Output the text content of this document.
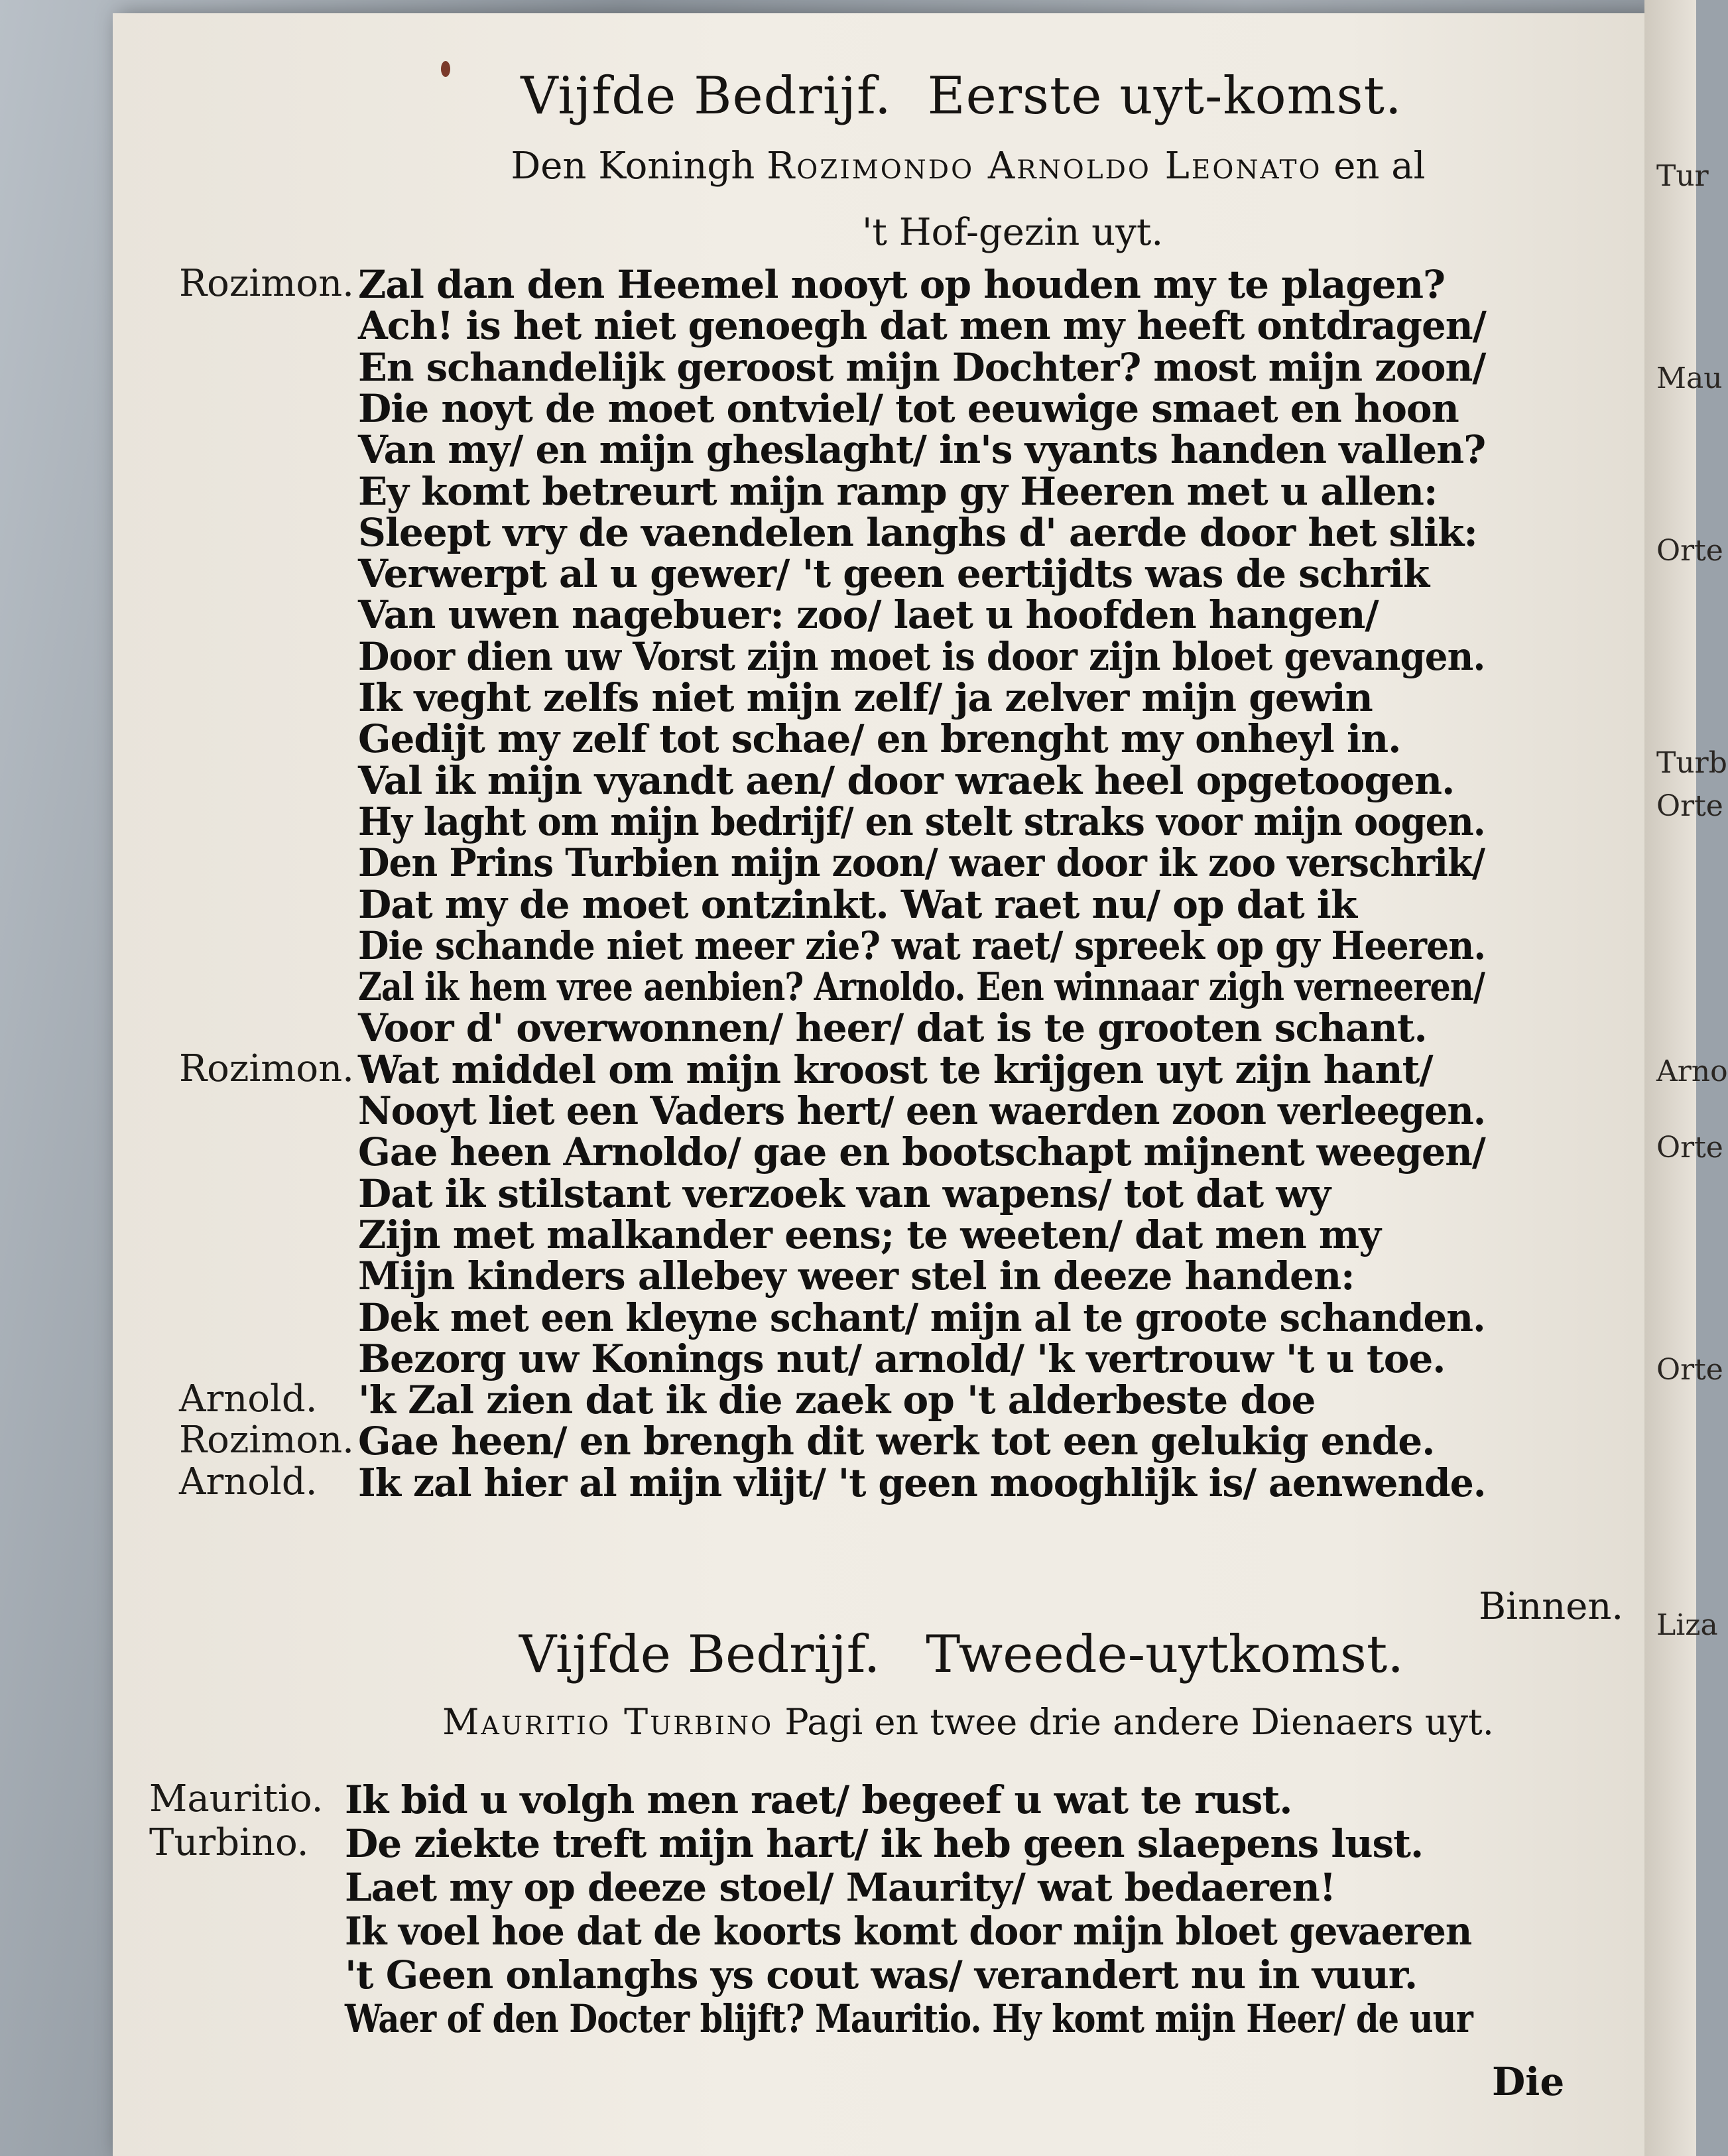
Tur
Mau
Orte
Turb
Orte
Arno
Orte
Orte
Liza
Vijfde Bedrijf. Eerste uyt-komst.
Den Koningh Rozimondo Arnoldo Leonato en al
't Hof-gezin uyt.
Rozimon. Zal dan den Heemel nooyt op houden my te plagen?
Ach! is het niet genoegh dat men my heeft ontdragen/
En schandelijk geroost mijn Dochter? most mijn zoon/
Die noyt de moet ontviel/ tot eeuwige smaet en hoon
Van my/ en mijn gheslaght/ in's vyants handen vallen?
Ey komt betreurt mijn ramp gy Heeren met u allen:
Sleept vry de vaendelen langhs d' aerde door het slik:
Verwerpt al u gewer/ 't geen eertijdts was de schrik
Van uwen nagebuer: zoo/ laet u hoofden hangen/
Door dien uw Vorst zijn moet is door zijn bloet gevangen.
Ik veght zelfs niet mijn zelf/ ja zelver mijn gewin
Gedijt my zelf tot schae/ en brenght my onheyl in.
Val ik mijn vyandt aen/ door wraek heel opgetoogen.
Hy laght om mijn bedrijf/ en stelt straks voor mijn oogen.
Den Prins Turbien mijn zoon/ waer door ik zoo verschrik/
Dat my de moet ontzinkt. Wat raet nu/ op dat ik
Die schande niet meer zie? wat raet/ spreek op gy Heeren.
Zal ik hem vree aenbien? Arnoldo. Een winnaar zigh verneeren/
Voor d' overwonnen/ heer/ dat is te grooten schant.
Rozimon. Wat middel om mijn kroost te krijgen uyt zijn hant/
Nooyt liet een Vaders hert/ een waerden zoon verleegen.
Gae heen Arnoldo/ gae en bootschapt mijnent weegen/
Dat ik stilstant verzoek van wapens/ tot dat wy
Zijn met malkander eens; te weeten/ dat men my
Mijn kinders allebey weer stel in deeze handen:
Dek met een kleyne schant/ mijn al te groote schanden.
Bezorg uw Konings nut/ arnold/ 'k vertrouw 't u toe.
Arnold. 'k Zal zien dat ik die zaek op 't alderbeste doe
Rozimon. Gae heen/ en brengh dit werk tot een gelukig ende.
Arnold. Ik zal hier al mijn vlijt/ 't geen mooghlijk is/ aenwende.
Binnen.
Vijfde Bedrijf. Tweede-uytkomst.
Mauritio Turbino Pagi en twee drie andere Dienaers uyt.
Mauritio. Ik bid u volgh men raet/ begeef u wat te rust.
Turbino. De ziekte treft mijn hart/ ik heb geen slaepens lust.
Laet my op deeze stoel/ Maurity/ wat bedaeren!
Ik voel hoe dat de koorts komt door mijn bloet gevaeren
't Geen onlanghs ys cout was/ verandert nu in vuur.
Waer of den Docter blijft? Mauritio. Hy komt mijn Heer/ de uur
Die
